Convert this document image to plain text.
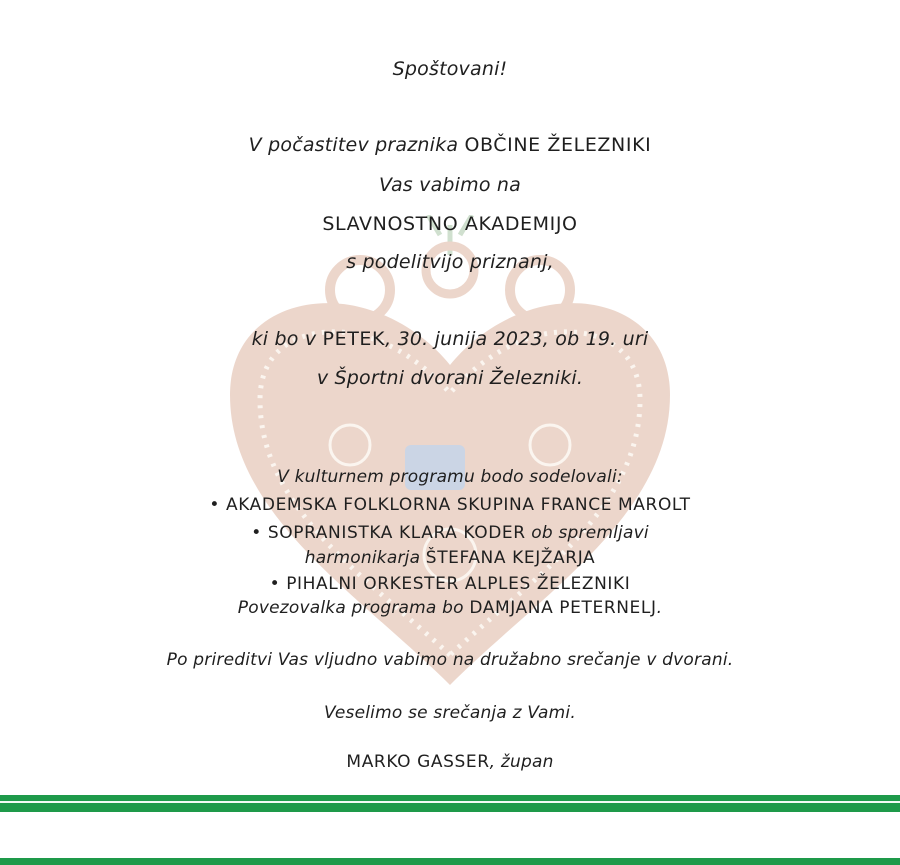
Spoštovani!
V počastitev praznika OBČINE ŽELEZNIKI
Vas vabimo na
SLAVNOSTNO AKADEMIJO
s podelitvijo priznanj,
ki bo v PETEK, 30. junija 2023, ob 19. uri
v Športni dvorani Železniki.
V kulturnem programu bodo sodelovali:
• AKADEMSKA FOLKLORNA SKUPINA FRANCE MAROLT
• SOPRANISTKA KLARA KODER ob spremljavi
harmonikarja ŠTEFANA KEJŽARJA
• PIHALNI ORKESTER ALPLES ŽELEZNIKI
Povezovalka programa bo DAMJANA PETERNELJ.
Po prireditvi Vas vljudno vabimo na družabno srečanje v dvorani.
Veselimo se srečanja z Vami.
MARKO GASSER, župan
